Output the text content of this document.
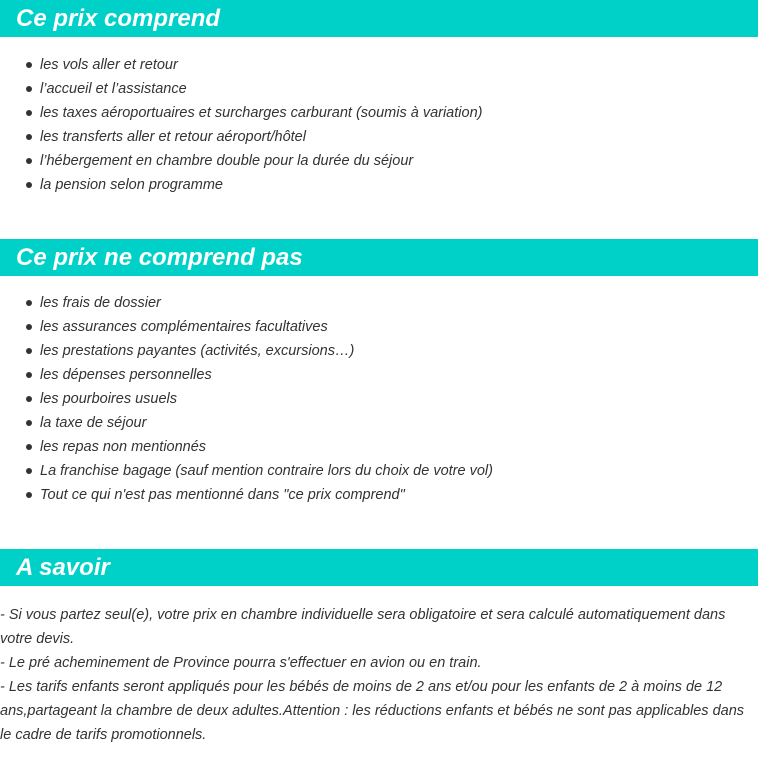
Ce prix comprend
les vols aller et retour
l’accueil et l’assistance
les taxes aéroportuaires et surcharges carburant (soumis à variation)
les transferts aller et retour aéroport/hôtel
l’hébergement en chambre double pour la durée du séjour
la pension selon programme
Ce prix ne comprend pas
les frais de dossier
les assurances complémentaires facultatives
les prestations payantes (activités, excursions…)
les dépenses personnelles
les pourboires usuels
la taxe de séjour
les repas non mentionnés
La franchise bagage (sauf mention contraire lors du choix de votre vol)
Tout ce qui n'est pas mentionné dans "ce prix comprend"
A savoir

- Si vous partez seul(e), votre prix en chambre individuelle sera obligatoire et sera calculé automatiquement dans votre devis.

- Le pré acheminement de Province pourra s'effectuer en avion ou en train.

- Les tarifs enfants seront appliqués pour les bébés de moins de 2 ans et/ou pour les enfants de 2 à moins de 12 ans,partageant la chambre de deux adultes.Attention : les réductions enfants et bébés ne sont pas applicables dans le cadre de tarifs promotionnels.
